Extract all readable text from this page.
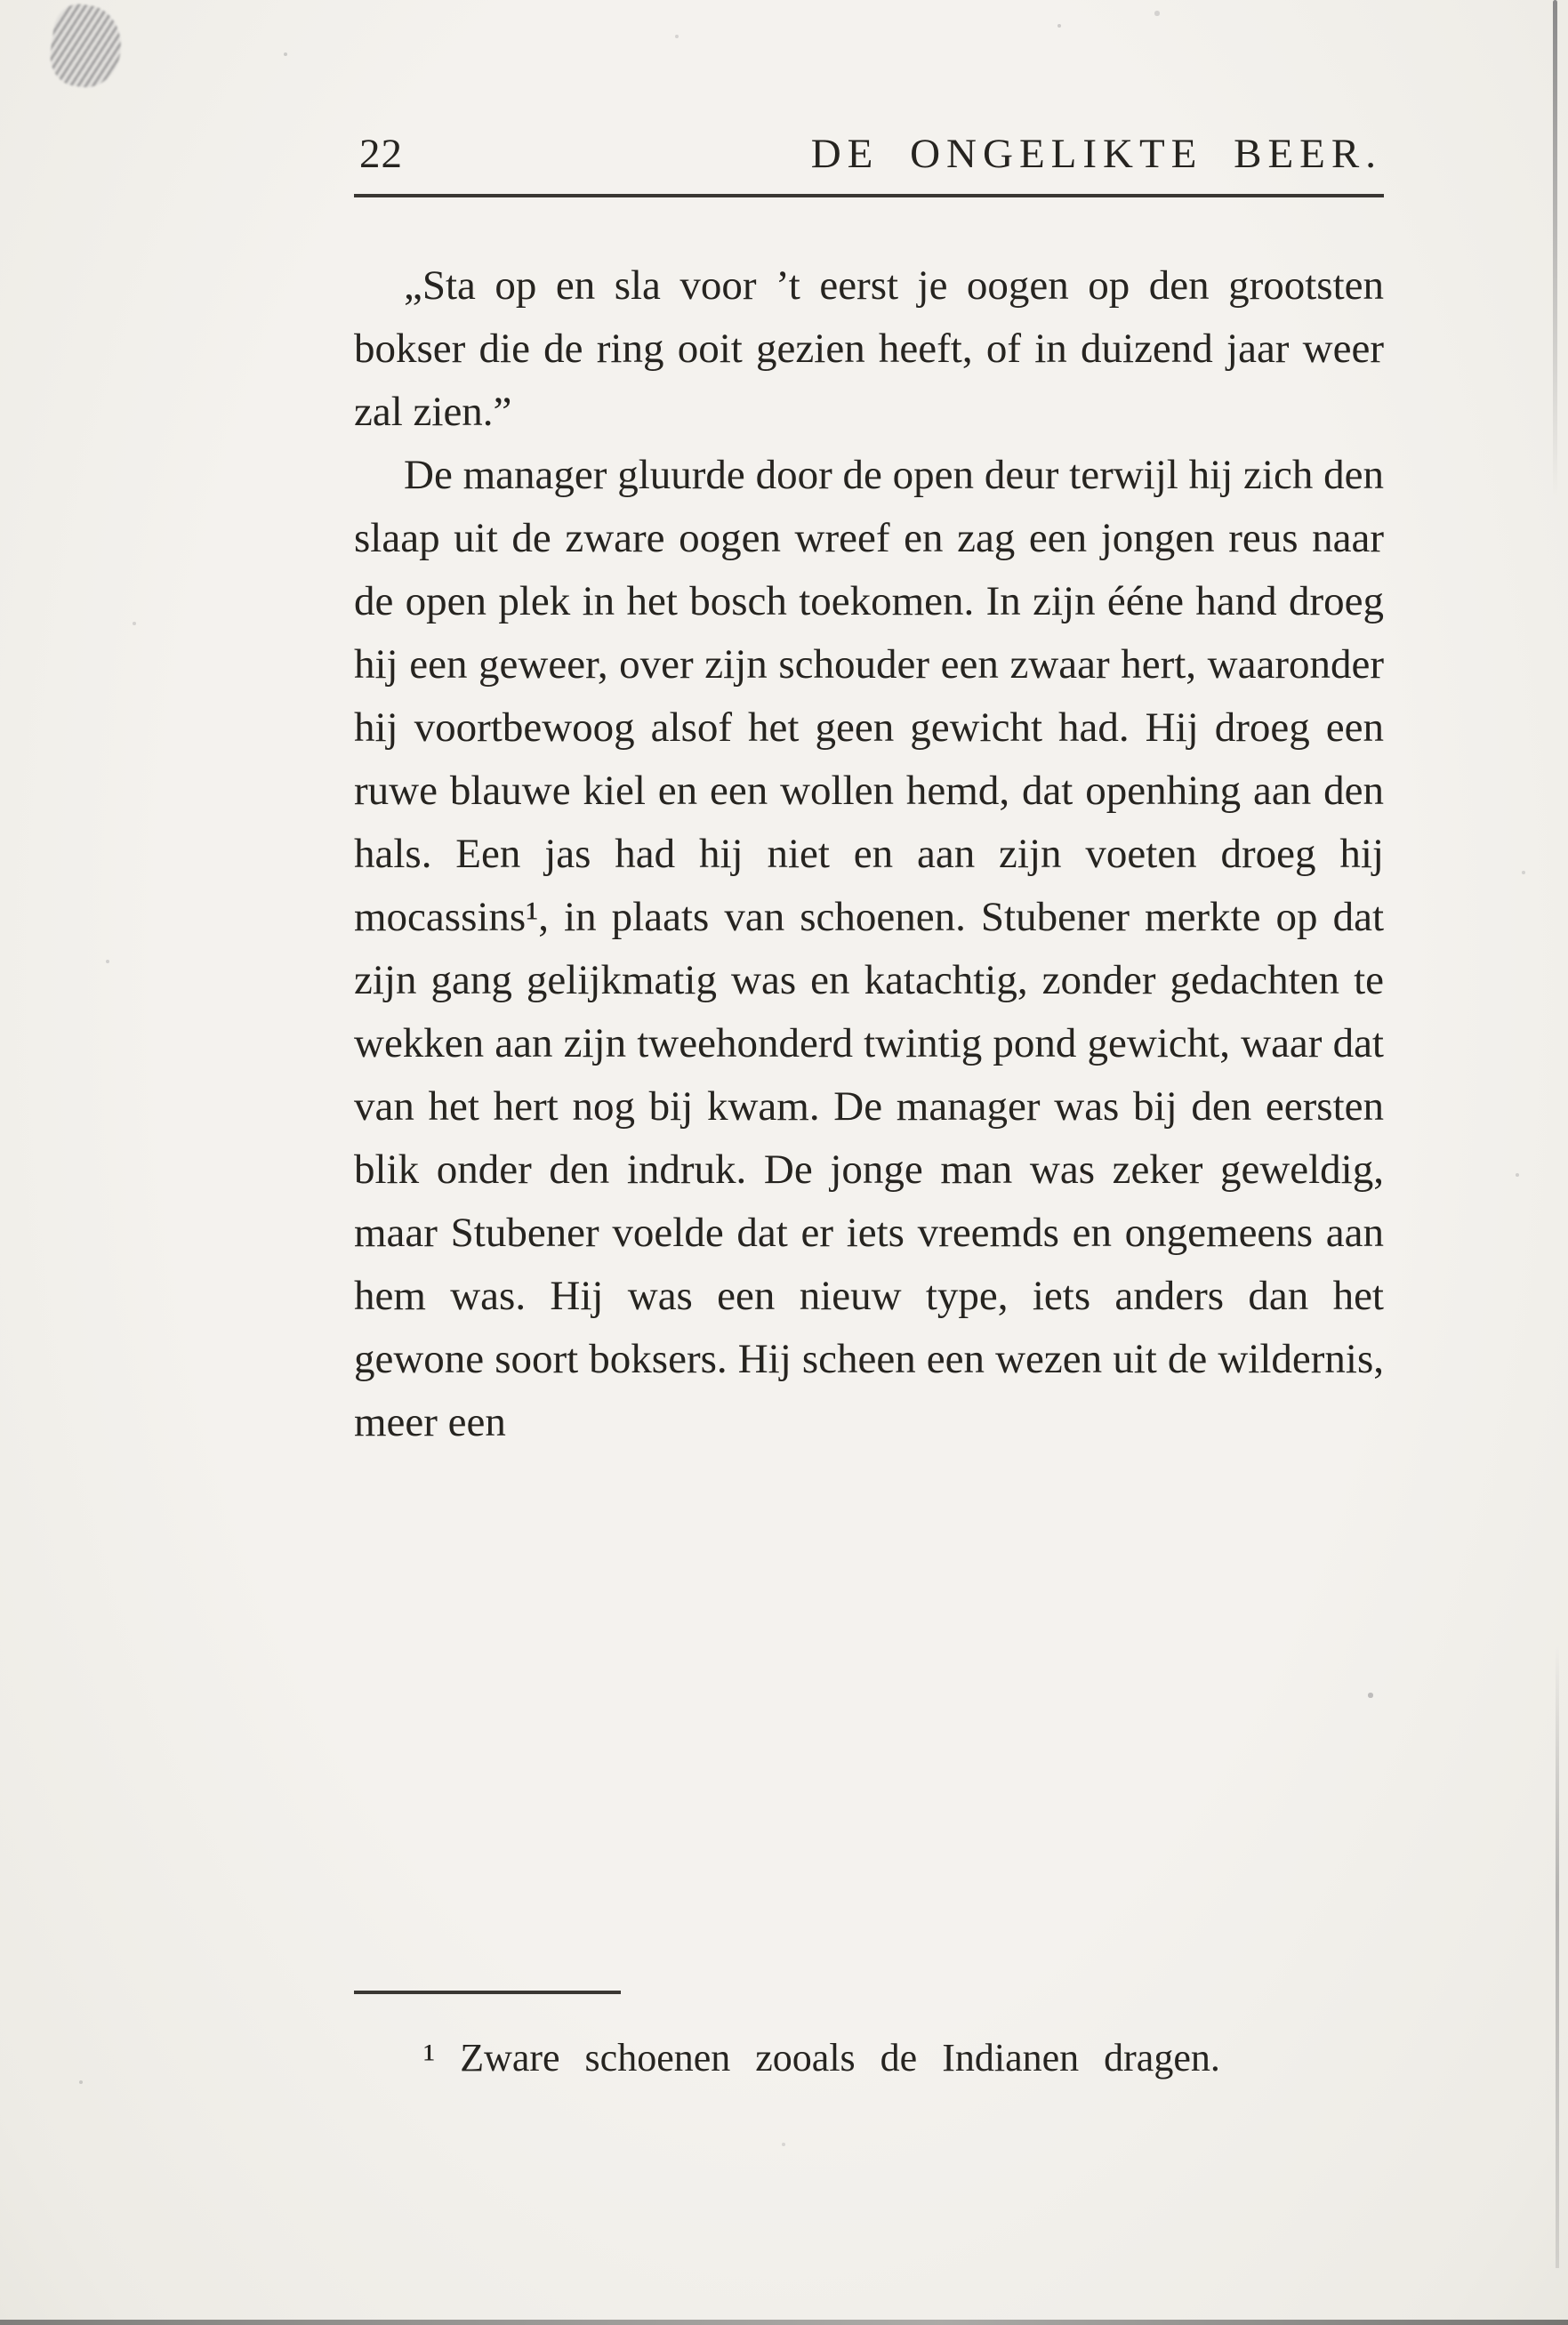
22	DE ONGELIKTE BEER.

„Sta op en sla voor ’t eerst je oogen op den grootsten bokser die de ring ooit gezien heeft, of in duizend jaar weer zal zien.”

De manager gluurde door de open deur terwijl hij zich den slaap uit de zware oogen wreef en zag een jongen reus naar de open plek in het bosch toekomen. In zijn ééne hand droeg hij een geweer, over zijn schouder een zwaar hert, waaronder hij voortbewoog alsof het geen gewicht had. Hij droeg een ruwe blauwe kiel en een wollen hemd, dat openhing aan den hals. Een jas had hij niet en aan zijn voeten droeg hij mocassins¹, in plaats van schoenen. Stubener merkte op dat zijn gang gelijkmatig was en katachtig, zonder gedachten te wekken aan zijn tweehonderd twintig pond gewicht, waar dat van het hert nog bij kwam. De manager was bij den eersten blik onder den indruk. De jonge man was zeker geweldig, maar Stubener voelde dat er iets vreemds en ongemeens aan hem was. Hij was een nieuw type, iets anders dan het gewone soort boksers. Hij scheen een wezen uit de wildernis, meer een

¹ Zware schoenen zooals de Indianen dragen.
